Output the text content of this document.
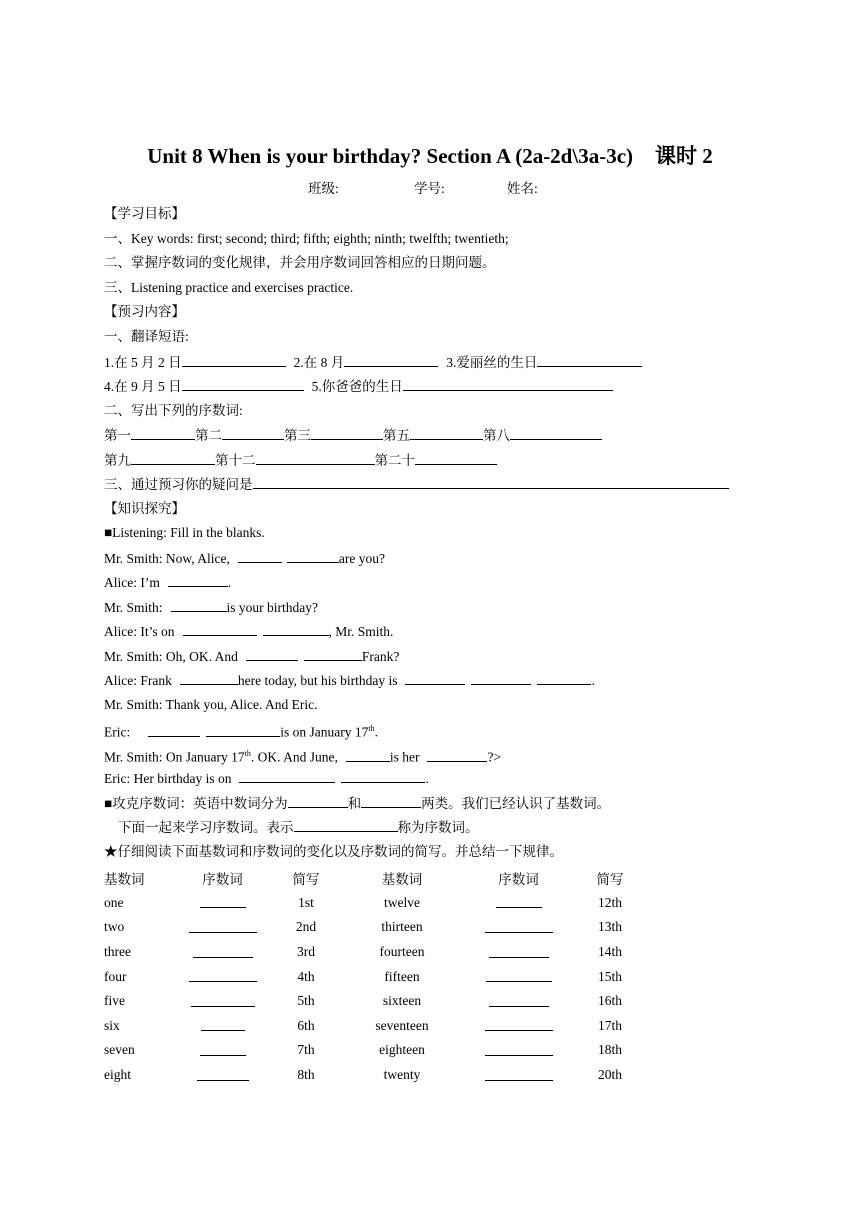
Unit 8 When is your birthday? Section A (2a-2d\3a-3c) 课时 2
班级:	学号:	姓名:
【学习目标】
一、Key words: first; second; third; fifth; eighth; ninth; twelfth; twentieth;
二、掌握序数词的变化规律，并会用序数词回答相应的日期问题。
三、Listening practice and exercises practice.
【预习内容】
一、翻译短语:
1.在 5 月 2 日	2.在 8 月	3.爱丽丝的生日
4.在 9 月 5 日	5.你爸爸的生日
二、写出下列的序数词:
第一	第二	第三	第五	第八
第九	第十二	第二十
三、通过预习你的疑问是
【知识探究】
■Listening: Fill in the blanks.
Mr. Smith: Now, Alice,	are you?
Alice: I’m	.
Mr. Smith:	is your birthday?
Alice: It’s on	, Mr. Smith.
Mr. Smith: Oh, OK. And	Frank?
Alice: Frank	here today, but his birthday is	.
Mr. Smith: Thank you, Alice. And Eric.
Eric:	is on January 17th.
Mr. Smith: On January 17th. OK. And June,	is her	?>
Eric: Her birthday is on	.
■攻克序数词：英语中数词分为	和	两类。我们已经认识了基数词。
下面一起来学习序数词。表示	称为序数词。
★仔细阅读下面基数词和序数词的变化以及序数词的简写。并总结一下规律。
基数词	序数词	简写	基数词	序数词	简写
one		1st	twelve		12th
two		2nd	thirteen		13th
three		3rd	fourteen		14th
four		4th	fifteen		15th
five		5th	sixteen		16th
six		6th	seventeen		17th
seven		7th	eighteen		18th
eight		8th	twenty		20th
